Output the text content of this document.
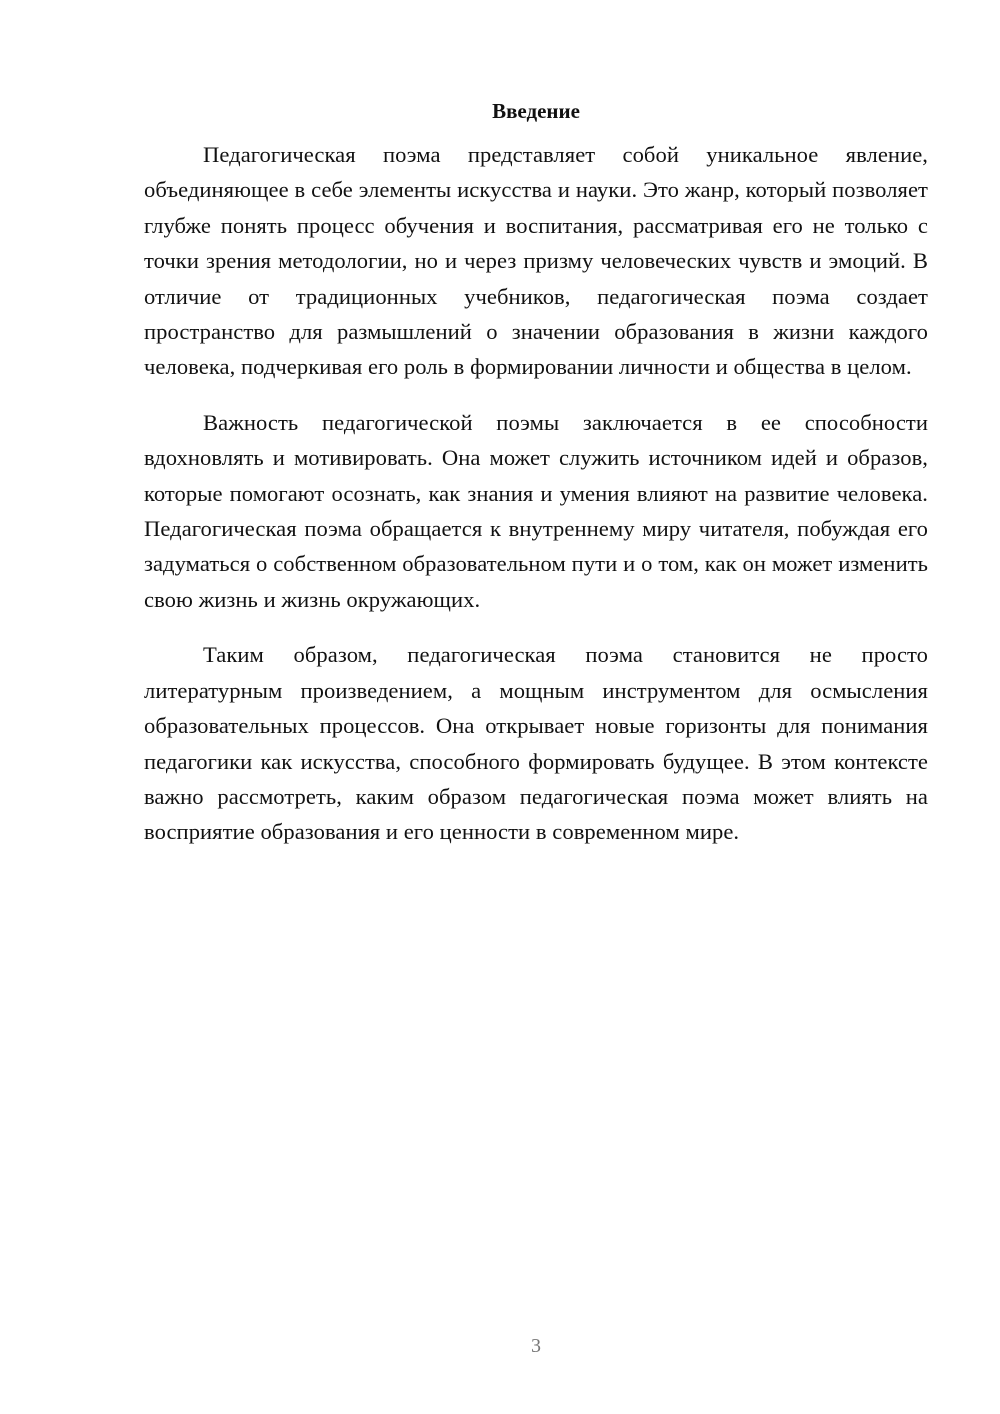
Введение

Педагогическая поэма представляет собой уникальное явление, объединяющее в себе элементы искусства и науки. Это жанр, который позволяет глубже понять процесс обучения и воспитания, рассматривая его не только с точки зрения методологии, но и через призму человеческих чувств и эмоций. В отличие от традиционных учебников, педагогическая поэма создает пространство для размышлений о значении образования в жизни каждого человека, подчеркивая его роль в формировании личности и общества в целом.

Важность педагогической поэмы заключается в ее способности вдохновлять и мотивировать. Она может служить источником идей и образов, которые помогают осознать, как знания и умения влияют на развитие человека. Педагогическая поэма обращается к внутреннему миру читателя, побуждая его задуматься о собственном образовательном пути и о том, как он может изменить свою жизнь и жизнь окружающих.

Таким образом, педагогическая поэма становится не просто литературным произведением, а мощным инструментом для осмысления образовательных процессов. Она открывает новые горизонты для понимания педагогики как искусства, способного формировать будущее. В этом контексте важно рассмотреть, каким образом педагогическая поэма может влиять на восприятие образования и его ценности в современном мире.

3
